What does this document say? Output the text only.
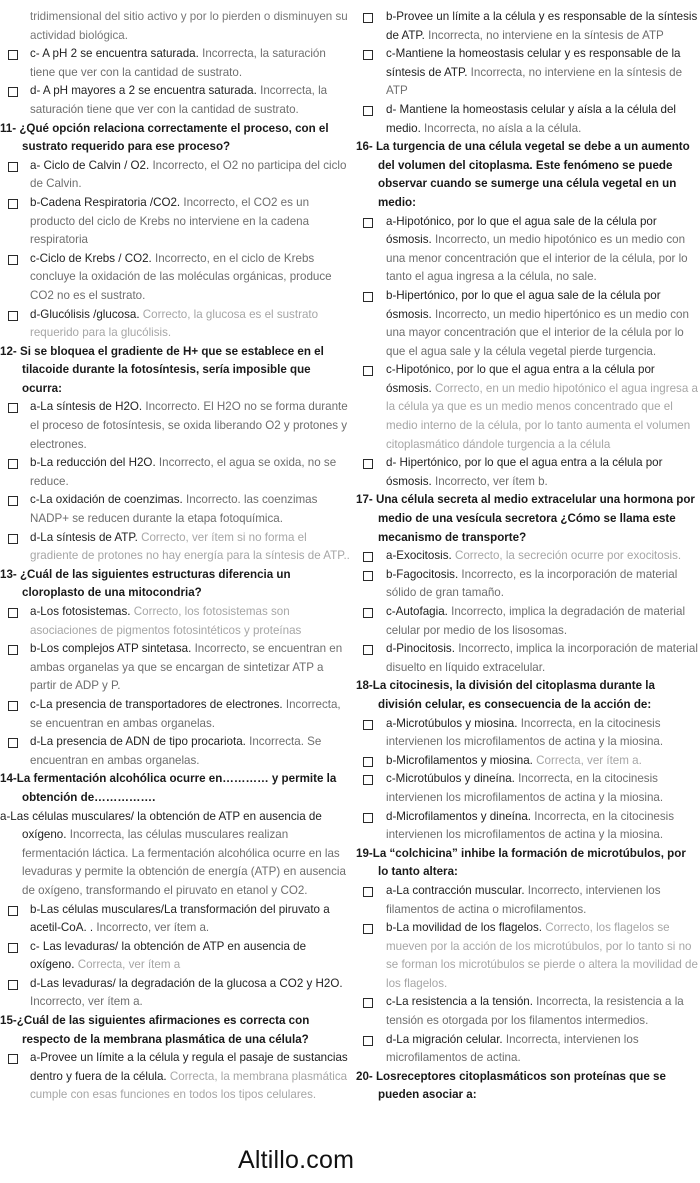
tridimensional del sitio activo y por lo pierden o disminuyen su actividad biológica.
c- A pH 2 se encuentra saturada. Incorrecta, la saturación tiene que ver con la cantidad de sustrato.
d- A pH mayores a 2 se encuentra saturada. Incorrecta, la saturación tiene que ver con la cantidad de sustrato.
11- ¿Qué opción relaciona correctamente el proceso, con el sustrato requerido para ese proceso?
a- Ciclo de Calvin / O2. Incorrecto, el O2 no participa del ciclo de Calvin.
b-Cadena Respiratoria /CO2. Incorrecto, el CO2 es un producto del ciclo de Krebs no interviene en la cadena respiratoria
c-Ciclo de Krebs / CO2. Incorrecto, en el ciclo de Krebs concluye la oxidación de las moléculas orgánicas, produce CO2 no es el sustrato.
d-Glucólisis /glucosa. Correcto, la glucosa es el sustrato requerido para la glucólisis.
12- Si se bloquea el gradiente de H+ que se establece en el tilacoide durante la fotosíntesis, sería imposible que ocurra:
a-La síntesis de H2O. Incorrecto. El H2O no se forma durante el proceso de fotosíntesis, se oxida liberando O2 y protones y electrones.
b-La reducción del H2O. Incorrecto, el agua se oxida, no se reduce.
c-La oxidación de coenzimas. Incorrecto. las coenzimas NADP+ se reducen durante la etapa fotoquímica.
d-La síntesis de ATP. Correcto, ver ítem si no forma el gradiente de protones no hay energía para la síntesis de ATP..
13- ¿Cuál de las siguientes estructuras diferencia un cloroplasto de una mitocondria?
a-Los fotosistemas. Correcto, los fotosistemas son asociaciones de pigmentos fotosintéticos y proteínas
b-Los complejos ATP sintetasa. Incorrecto, se encuentran en ambas organelas ya que se encargan de sintetizar ATP a partir de ADP y P.
c-La presencia de transportadores de electrones. Incorrecta, se encuentran en ambas organelas.
d-La presencia de ADN de tipo procariota. Incorrecta. Se encuentran en ambas organelas.
14-La fermentación alcohólica ocurre en………… y permite la obtención de…………….
a-Las células musculares/ la obtención de ATP en ausencia de oxígeno. Incorrecta, las células musculares realizan fermentación láctica. La fermentación alcohólica ocurre en las levaduras y permite la obtención de energía (ATP) en ausencia de oxígeno, transformando el piruvato en etanol y CO2.
b-Las células musculares/La transformación del piruvato a acetil-CoA. . Incorrecto, ver ítem a.
c- Las levaduras/ la obtención de ATP en ausencia de oxígeno. Correcta, ver ítem a
d-Las levaduras/ la degradación de la glucosa a CO2 y H2O. Incorrecto, ver ítem a.
15-¿Cuál de las siguientes afirmaciones es correcta con respecto de la membrana plasmática de una célula?
a-Provee un límite a la célula y regula el pasaje de sustancias dentro y fuera de la célula. Correcta, la membrana plasmática cumple con esas funciones en todos los tipos celulares.
b-Provee un límite a la célula y es responsable de la síntesis de ATP. Incorrecta, no interviene en la síntesis de ATP
c-Mantiene la homeostasis celular y es responsable de la síntesis de ATP. Incorrecta, no interviene en la síntesis de ATP
d- Mantiene la homeostasis celular y aísla a la célula del medio. Incorrecta, no aísla a la célula.
16- La turgencia de una célula vegetal se debe a un aumento del volumen del citoplasma. Este fenómeno se puede observar cuando se sumerge una célula vegetal en un medio:
a-Hipotónico, por lo que el agua sale de la célula por ósmosis. Incorrecto, un medio hipotónico es un medio con una menor concentración que el interior de la célula, por lo tanto el agua ingresa a la célula, no sale.
b-Hipertónico, por lo que el agua sale de la célula por ósmosis. Incorrecto, un medio hipertónico es un medio con una mayor concentración que el interior de la célula por lo que el agua sale y la célula vegetal pierde turgencia.
c-Hipotónico, por lo que el agua entra a la célula por ósmosis. Correcto, en un medio hipotónico el agua ingresa a la célula ya que es un medio menos concentrado que el medio interno de la célula, por lo tanto aumenta el volumen citoplasmático dándole turgencia a la célula
d- Hipertónico, por lo que el agua entra a la célula por ósmosis. Incorrecto, ver ítem b.
17- Una célula secreta al medio extracelular una hormona por medio de una vesícula secretora ¿Cómo se llama este mecanismo de transporte?
a-Exocitosis. Correcto, la secreción ocurre por exocitosis.
b-Fagocitosis. Incorrecto, es la incorporación de material sólido de gran tamaño.
c-Autofagia. Incorrecto, implica la degradación de material celular por medio de los lisosomas.
d-Pinocitosis. Incorrecto, implica la incorporación de material disuelto en líquido extracelular.
18-La citocinesis, la división del citoplasma durante la división celular, es consecuencia de la acción de:
a-Microtúbulos y miosina. Incorrecta, en la citocinesis intervienen los microfilamentos de actina y la miosina.
b-Microfilamentos y miosina. Correcta, ver ítem a.
c-Microtúbulos y dineína. Incorrecta, en la citocinesis intervienen los microfilamentos de actina y la miosina.
d-Microfilamentos y dineína. Incorrecta, en la citocinesis intervienen los microfilamentos de actina y la miosina.
19-La “colchicina” inhibe la formación de microtúbulos, por lo tanto altera:
a-La contracción muscular. Incorrecto, intervienen los filamentos de actina o microfilamentos.
b-La movilidad de los flagelos. Correcto, los flagelos se mueven por la acción de los microtúbulos, por lo tanto si no se forman los microtúbulos se pierde o altera la movilidad de los flagelos.
c-La resistencia a la tensión. Incorrecta, la resistencia a la tensión es otorgada por los filamentos intermedios.
d-La migración celular. Incorrecta, intervienen los microfilamentos de actina.
20- Losreceptores citoplasmáticos son proteínas que se pueden asociar a:
Altillo.com
